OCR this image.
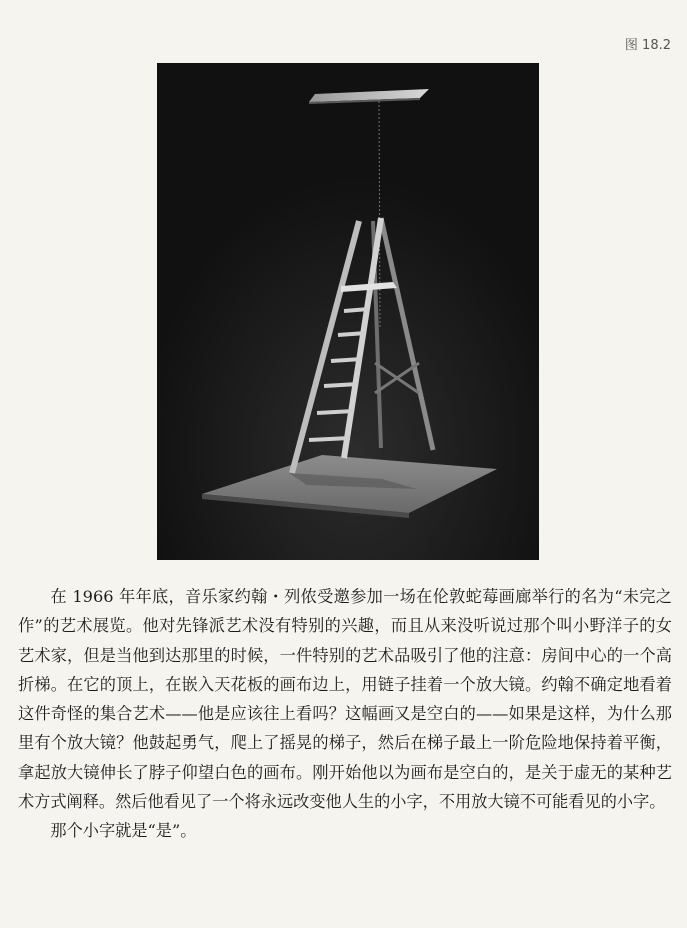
图 18.2

在 1966 年年底，音乐家约翰・列侬受邀参加一场在伦敦蛇莓画廊举行的名为“未完之作”的艺术展览。他对先锋派艺术没有特别的兴趣，而且从来没听说过那个叫小野洋子的女艺术家，但是当他到达那里的时候，一件特别的艺术品吸引了他的注意：房间中心的一个高折梯。在它的顶上，在嵌入天花板的画布边上，用链子挂着一个放大镜。约翰不确定地看着这件奇怪的集合艺术——他是应该往上看吗？这幅画又是空白的——如果是这样，为什么那里有个放大镜？他鼓起勇气，爬上了摇晃的梯子，然后在梯子最上一阶危险地保持着平衡，拿起放大镜伸长了脖子仰望白色的画布。刚开始他以为画布是空白的，是关于虚无的某种艺术方式阐释。然后他看见了一个将永远改变他人生的小字，不用放大镜不可能看见的小字。

那个小字就是“是”。
